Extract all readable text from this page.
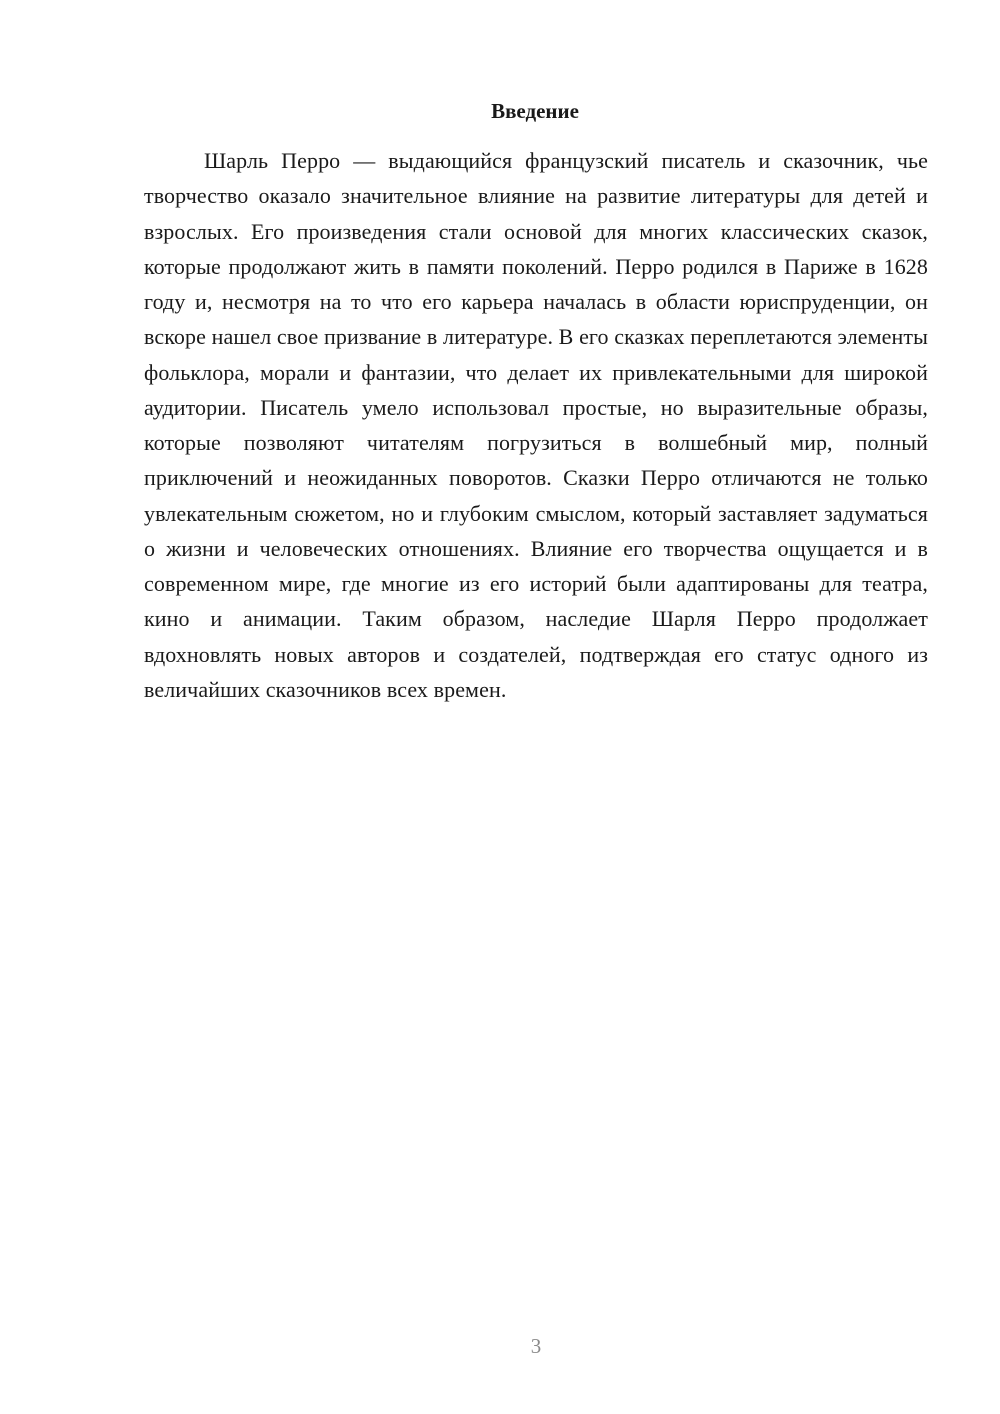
Введение

Шарль Перро — выдающийся французский писатель и сказочник, чье творчество оказало значительное влияние на развитие литературы для детей и взрослых. Его произведения стали основой для многих классических сказок, которые продолжают жить в памяти поколений. Перро родился в Париже в 1628 году и, несмотря на то что его карьера началась в области юриспруденции, он вскоре нашел свое призвание в литературе. В его сказках переплетаются элементы фольклора, морали и фантазии, что делает их привлекательными для широкой аудитории. Писатель умело использовал простые, но выразительные образы, которые позволяют читателям погрузиться в волшебный мир, полный приключений и неожиданных поворотов. Сказки Перро отличаются не только увлекательным сюжетом, но и глубоким смыслом, который заставляет задуматься о жизни и человеческих отношениях. Влияние его творчества ощущается и в современном мире, где многие из его историй были адаптированы для театра, кино и анимации. Таким образом, наследие Шарля Перро продолжает вдохновлять новых авторов и создателей, подтверждая его статус одного из величайших сказочников всех времен.

3
